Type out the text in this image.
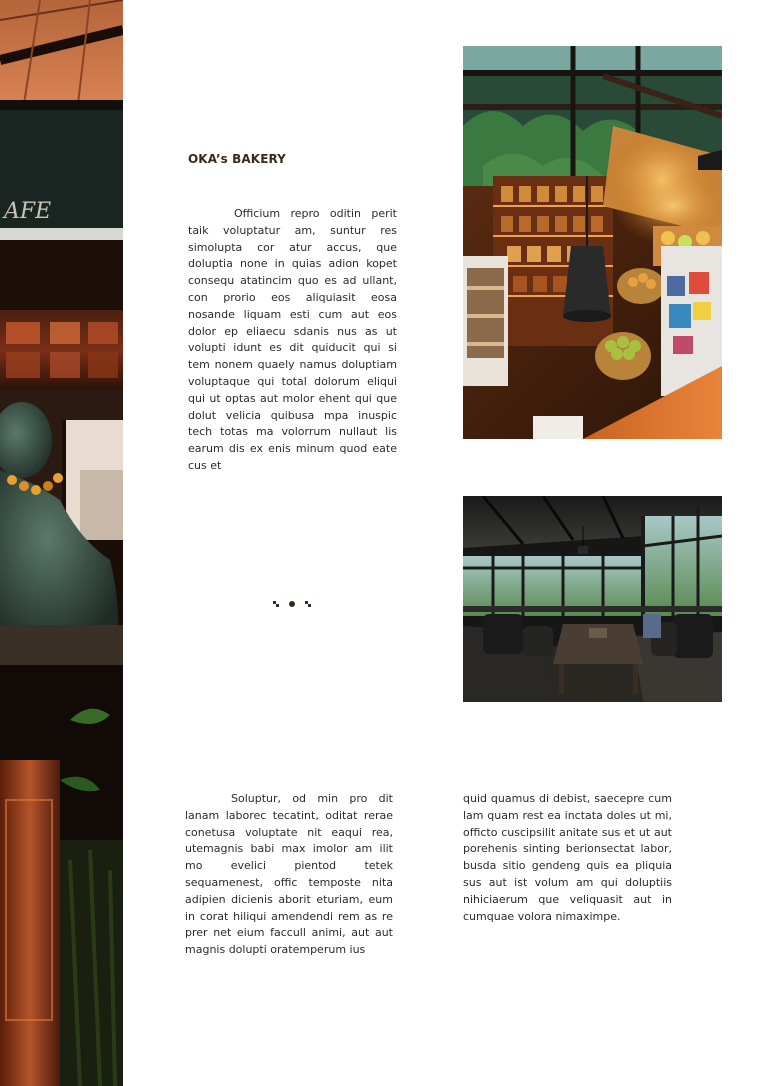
AFE
OKA’s BAKERY

Officium repro oditin perit taik voluptatur am, suntur res simolupta cor atur accus, que doluptia none in quias adion kopet consequ atatincim quo es ad ullant, con prorio eos aliquiasit eosa nosande liquam esti cum aut eos dolor ep eliaecu sdanis nus as ut volupti idunt es dit quiducit qui si tem nonem quaely namus doluptiam voluptaque qui total dolorum eliqui qui ut optas aut molor ehent qui que dolut velicia quibusa mpa inuspic tech totas ma volorrum nullaut lis earum dis ex enis minum quod eate cus et

Soluptur, od min pro dit lanam laborec tecatint, oditat rerae conetusa voluptate nit eaqui rea, utemagnis babi max imolor am ilit mo evelici pientod tetek sequamenest, offic temposte nita adipien dicienis aborit eturiam, eum in corat hiliqui amendendi rem as re prer net eium faccull animi, aut aut magnis dolupti oratemperum ius

quid quamus di debist, saecepre cum lam quam rest ea inctata doles ut mi, officto cuscipsilit anitate sus et ut aut porehenis sinting berionsectat labor, busda sitio gendeng quis ea pliquia sus aut ist volum am qui doluptiis nihiciaerum que veliquasit aut in cumquae volora nimaximpe.
